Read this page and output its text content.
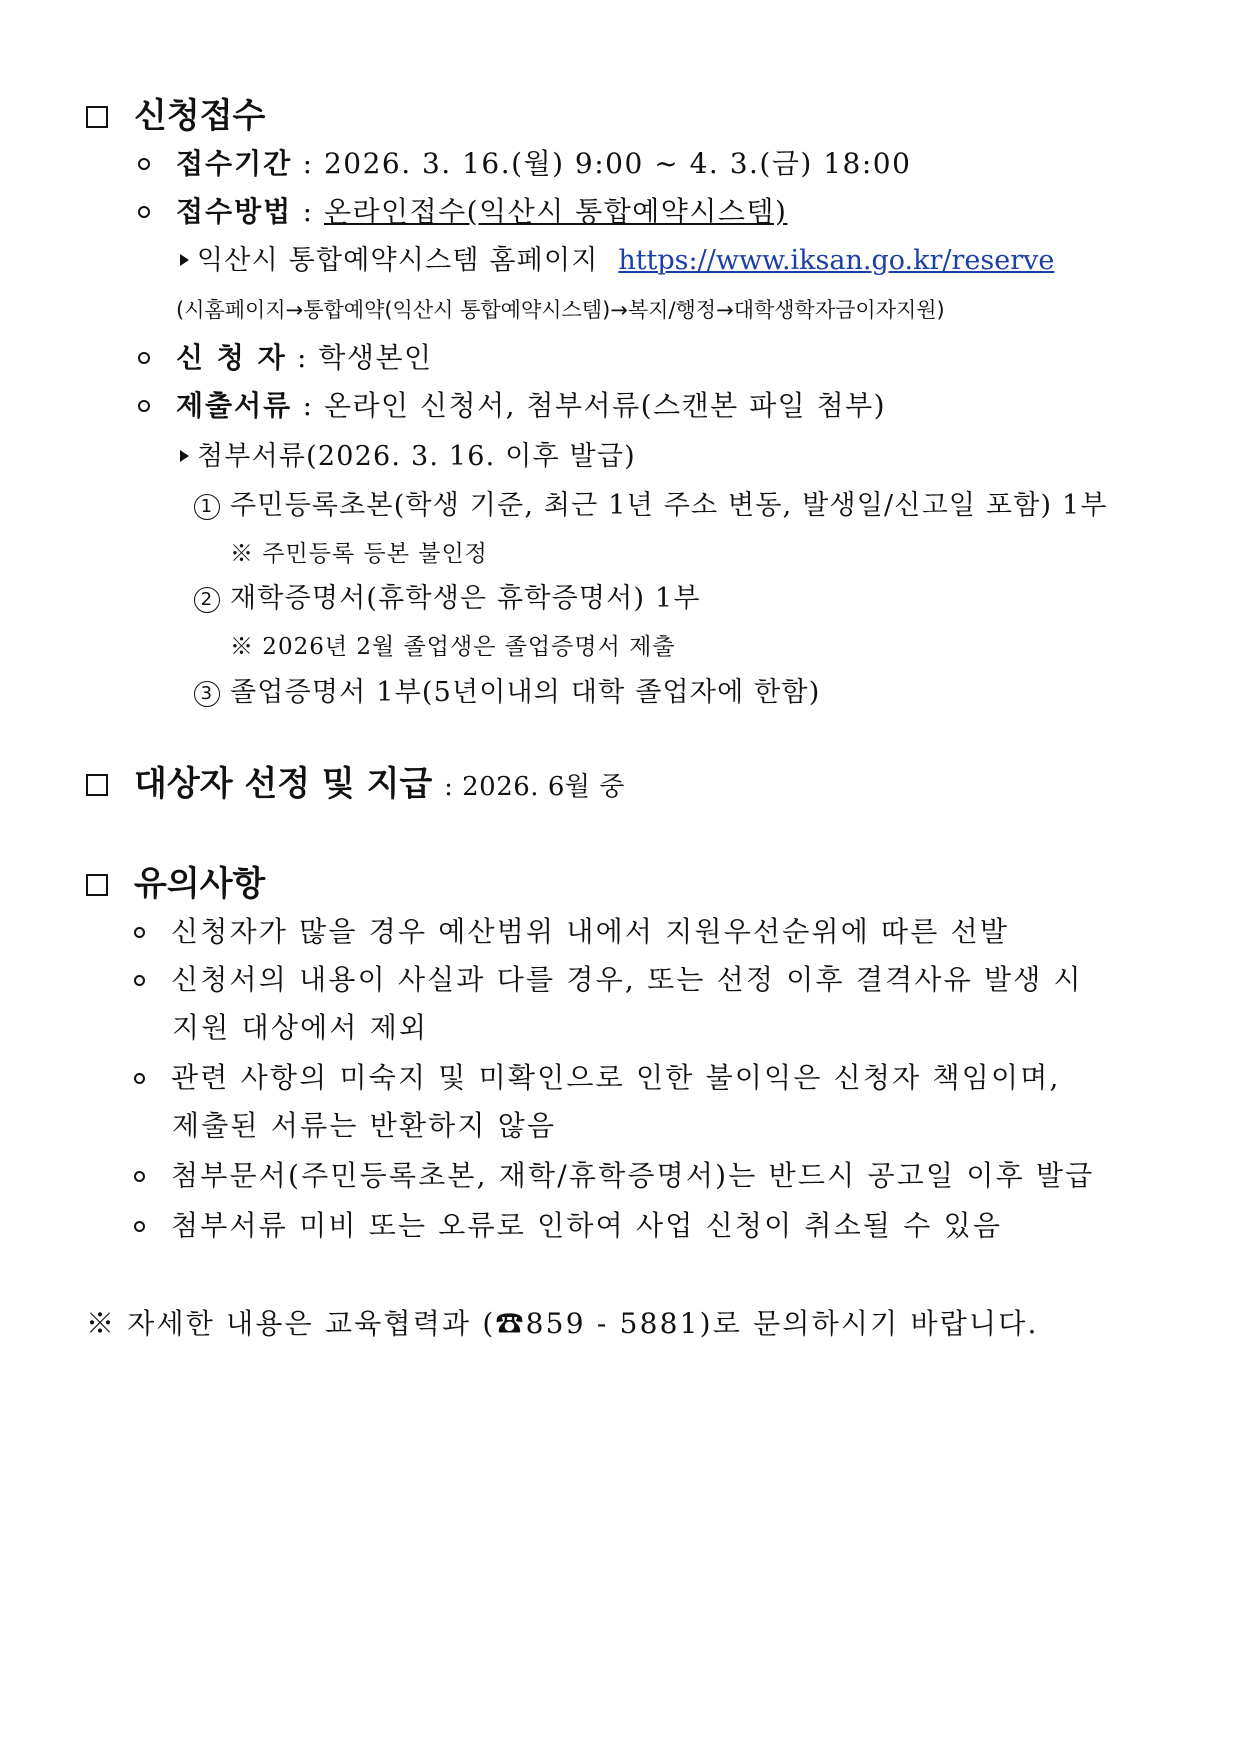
신청접수
접수기간 : 2026. 3. 16.(월) 9:00 ~ 4. 3.(금) 18:00
접수방법 : 온라인접수(익산시 통합예약시스템)
익산시 통합예약시스템 홈페이지 https://www.iksan.go.kr/reserve
(시홈페이지→통합예약(익산시 통합예약시스템)→복지/행정→대학생학자금이자지원)
신 청 자 : 학생본인
제출서류 : 온라인 신청서, 첨부서류(스캔본 파일 첨부)
첨부서류(2026. 3. 16. 이후 발급)
1 주민등록초본(학생 기준, 최근 1년 주소 변동, 발생일/신고일 포함) 1부
※ 주민등록 등본 불인정
2 재학증명서(휴학생은 휴학증명서) 1부
※ 2026년 2월 졸업생은 졸업증명서 제출
3 졸업증명서 1부(5년이내의 대학 졸업자에 한함)
대상자 선정 및 지급 : 2026. 6월 중
유의사항
신청자가 많을 경우 예산범위 내에서 지원우선순위에 따른 선발
신청서의 내용이 사실과 다를 경우, 또는 선정 이후 결격사유 발생 시
지원 대상에서 제외
관련 사항의 미숙지 및 미확인으로 인한 불이익은 신청자 책임이며,
제출된 서류는 반환하지 않음
첨부문서(주민등록초본, 재학/휴학증명서)는 반드시 공고일 이후 발급
첨부서류 미비 또는 오류로 인하여 사업 신청이 취소될 수 있음
※ 자세한 내용은 교육협력과 (☎859 - 5881)로 문의하시기 바랍니다.
